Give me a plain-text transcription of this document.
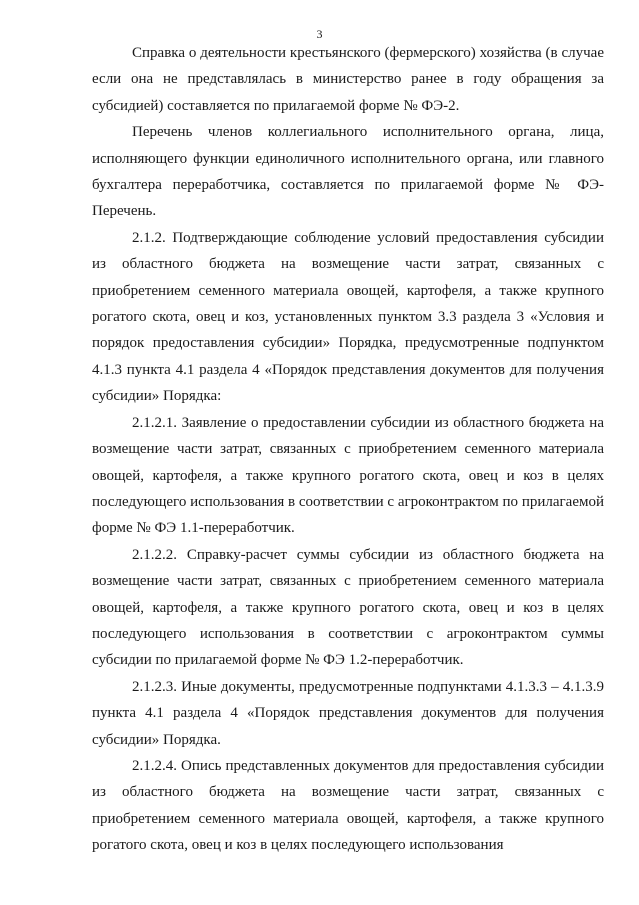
3

Справка о деятельности крестьянского (фермерского) хозяйства (в случае если она не представлялась в министерство ранее в году обращения за субсидией) составляется по прилагаемой форме № ФЭ-2.

Перечень членов коллегиального исполнительного органа, лица, исполняющего функции единоличного исполнительного органа, или главного бухгалтера переработчика, составляется по прилагаемой форме № ФЭ-Перечень.

2.1.2. Подтверждающие соблюдение условий предоставления субсидии из областного бюджета на возмещение части затрат, связанных с приобретением семенного материала овощей, картофеля, а также крупного рогатого скота, овец и коз, установленных пунктом 3.3 раздела 3 «Условия и порядок предоставления субсидии» Порядка, предусмотренные подпунктом 4.1.3 пункта 4.1 раздела 4 «Порядок представления документов для получения субсидии» Порядка:

2.1.2.1. Заявление о предоставлении субсидии из областного бюджета на возмещение части затрат, связанных с приобретением семенного материала овощей, картофеля, а также крупного рогатого скота, овец и коз в целях последующего использования в соответствии с агроконтрактом по прилагаемой форме № ФЭ 1.1-переработчик.

2.1.2.2. Справку-расчет суммы субсидии из областного бюджета на возмещение части затрат, связанных с приобретением семенного материала овощей, картофеля, а также крупного рогатого скота, овец и коз в целях последующего использования в соответствии с агроконтрактом суммы субсидии по прилагаемой форме № ФЭ 1.2-переработчик.

2.1.2.3. Иные документы, предусмотренные подпунктами 4.1.3.3 – 4.1.3.9 пункта 4.1 раздела 4 «Порядок представления документов для получения субсидии» Порядка.

2.1.2.4. Опись представленных документов для предоставления субсидии из областного бюджета на возмещение части затрат, связанных с приобретением семенного материала овощей, картофеля, а также крупного рогатого скота, овец и коз в целях последующего использования
